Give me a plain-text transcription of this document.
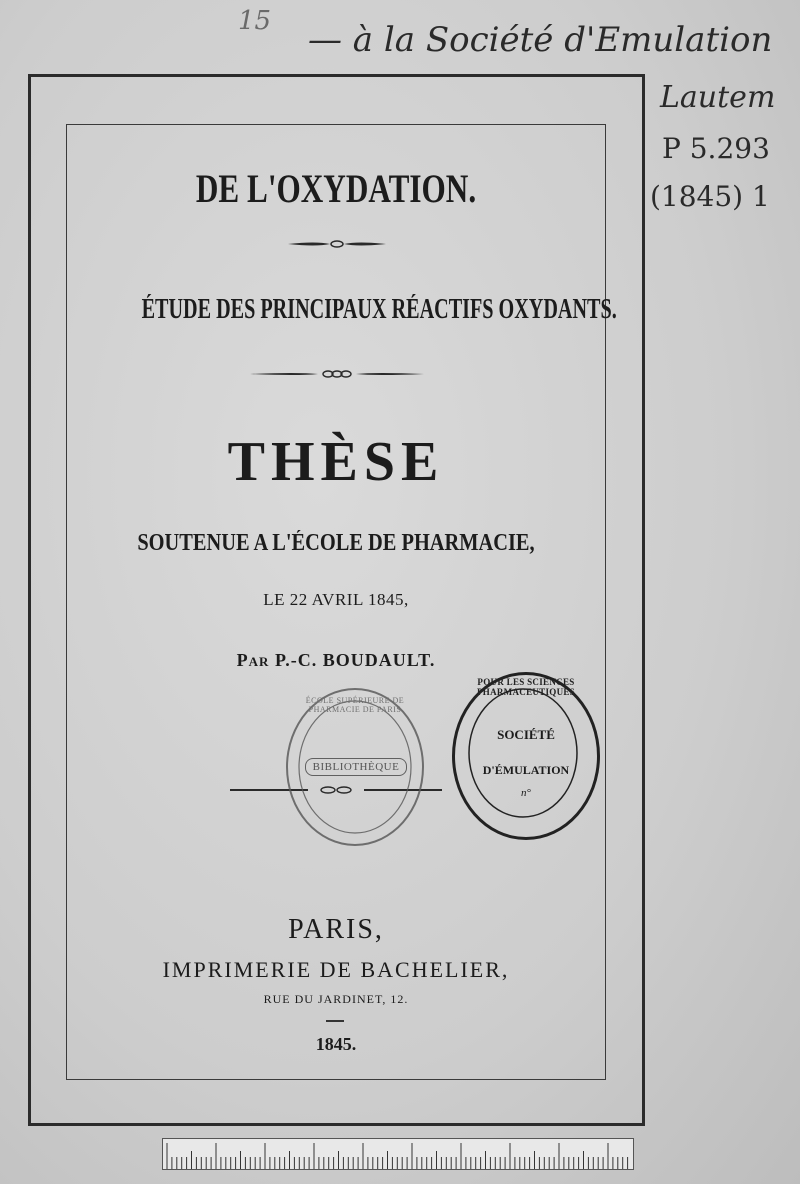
15 — à la Société d'Emulation
Lautem
P 5.293
(1845) 1
DE L'OXYDATION.
ÉTUDE DES PRINCIPAUX RÉACTIFS OXYDANTS.
THÈSE
SOUTENUE A L'ÉCOLE DE PHARMACIE,
LE 22 AVRIL 1845,
Par P.-C. BOUDAULT.
ÉCOLE SUPÉRIEURE DE PHARMACIE DE PARIS
BIBLIOTHÈQUE
POUR LES SCIENCES PHARMACEUTIQUES
SOCIÉTÉ
D'ÉMULATION
n°
PARIS,
IMPRIMERIE DE BACHELIER,
RUE DU JARDINET, 12.
1845.
